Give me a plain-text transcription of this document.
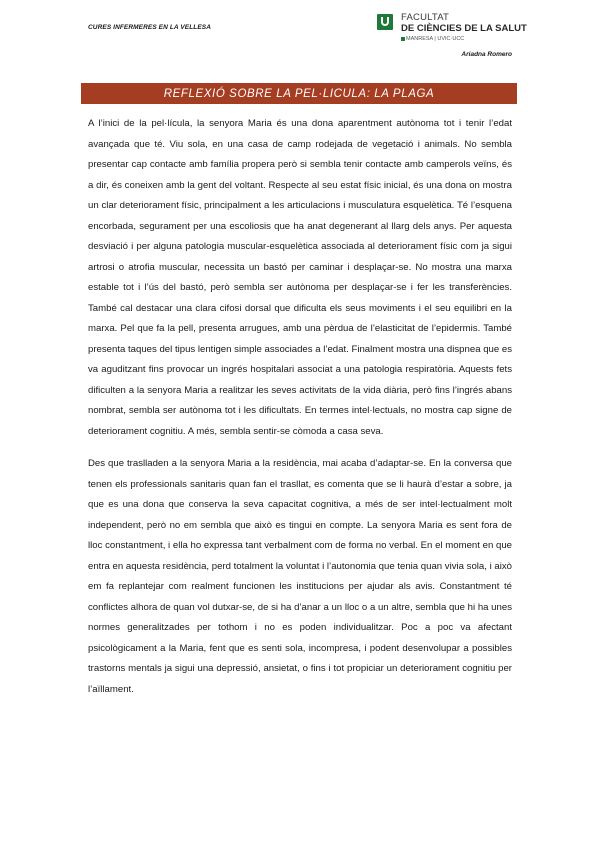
CURES INFERMERES EN LA VELLESA
FACULTAT
DE CIÈNCIES DE LA SALUT
MANRESA | UVIC·UCC
Ariadna Romero
REFLEXIÓ SOBRE LA PEL·LICULA: LA PLAGA

A l’inici de la pel·lícula, la senyora Maria és una dona aparentment autònoma tot i tenir l’edat avançada que té. Viu sola, en una casa de camp rodejada de vegetació i animals. No sembla presentar cap contacte amb família propera però si sembla tenir contacte amb camperols veïns, és a dir, és coneixen amb la gent del voltant. Respecte al seu estat físic inicial, és una dona on mostra un clar deteriorament físic, principalment a les articulacions i musculatura esquelètica. Té l’esquena encorbada, segurament per una escoliosis que ha anat degenerant al llarg dels anys. Per aquesta desviació i per alguna patologia muscular-esquelètica associada al deteriorament físic com ja sigui artrosi o atrofia muscular, necessita un bastó per caminar i desplaçar-se. No mostra una marxa estable tot i l’ús del bastó, però sembla ser autònoma per desplaçar-se i fer les transferències. També cal destacar una clara cifosi dorsal que dificulta els seus moviments i el seu equilibri en la marxa. Pel que fa la pell, presenta arrugues, amb una pèrdua de l’elasticitat de l’epidermis. També presenta taques del tipus lentigen simple associades a l’edat. Finalment mostra una dispnea que es va aguditzant fins provocar un ingrés hospitalari associat a una patologia respiratòria. Aquests fets dificulten a la senyora Maria a realitzar les seves activitats de la vida diària, però fins l’ingrés abans nombrat, sembla ser autònoma tot i les dificultats. En termes intel·lectuals, no mostra cap signe de deteriorament cognitiu. A més, sembla sentir-se còmoda a casa seva.

Des que traslladen a la senyora Maria a la residència, mai acaba d’adaptar-se. En la conversa que tenen els professionals sanitaris quan fan el trasllat, es comenta que se li haurà d’estar a sobre, ja que es una dona que conserva la seva capacitat cognitiva, a més de ser intel·lectualment molt independent, però no em sembla que això es tingui en compte. La senyora Maria es sent fora de lloc constantment, i ella ho expressa tant verbalment com de forma no verbal. En el moment en que entra en aquesta residència, perd totalment la voluntat i l’autonomia que tenia quan vivia sola, i això em fa replantejar com realment funcionen les institucions per ajudar als avis. Constantment té conflictes alhora de quan vol dutxar-se, de si ha d’anar a un lloc o a un altre, sembla que hi ha unes normes generalitzades per tothom i no es poden individualitzar. Poc a poc va afectant psicològicament a la Maria, fent que es senti sola, incompresa, i podent desenvolupar a possibles trastorns mentals ja sigui una depressió, ansietat, o fins i tot propiciar un deteriorament cognitiu per l’aïllament.
